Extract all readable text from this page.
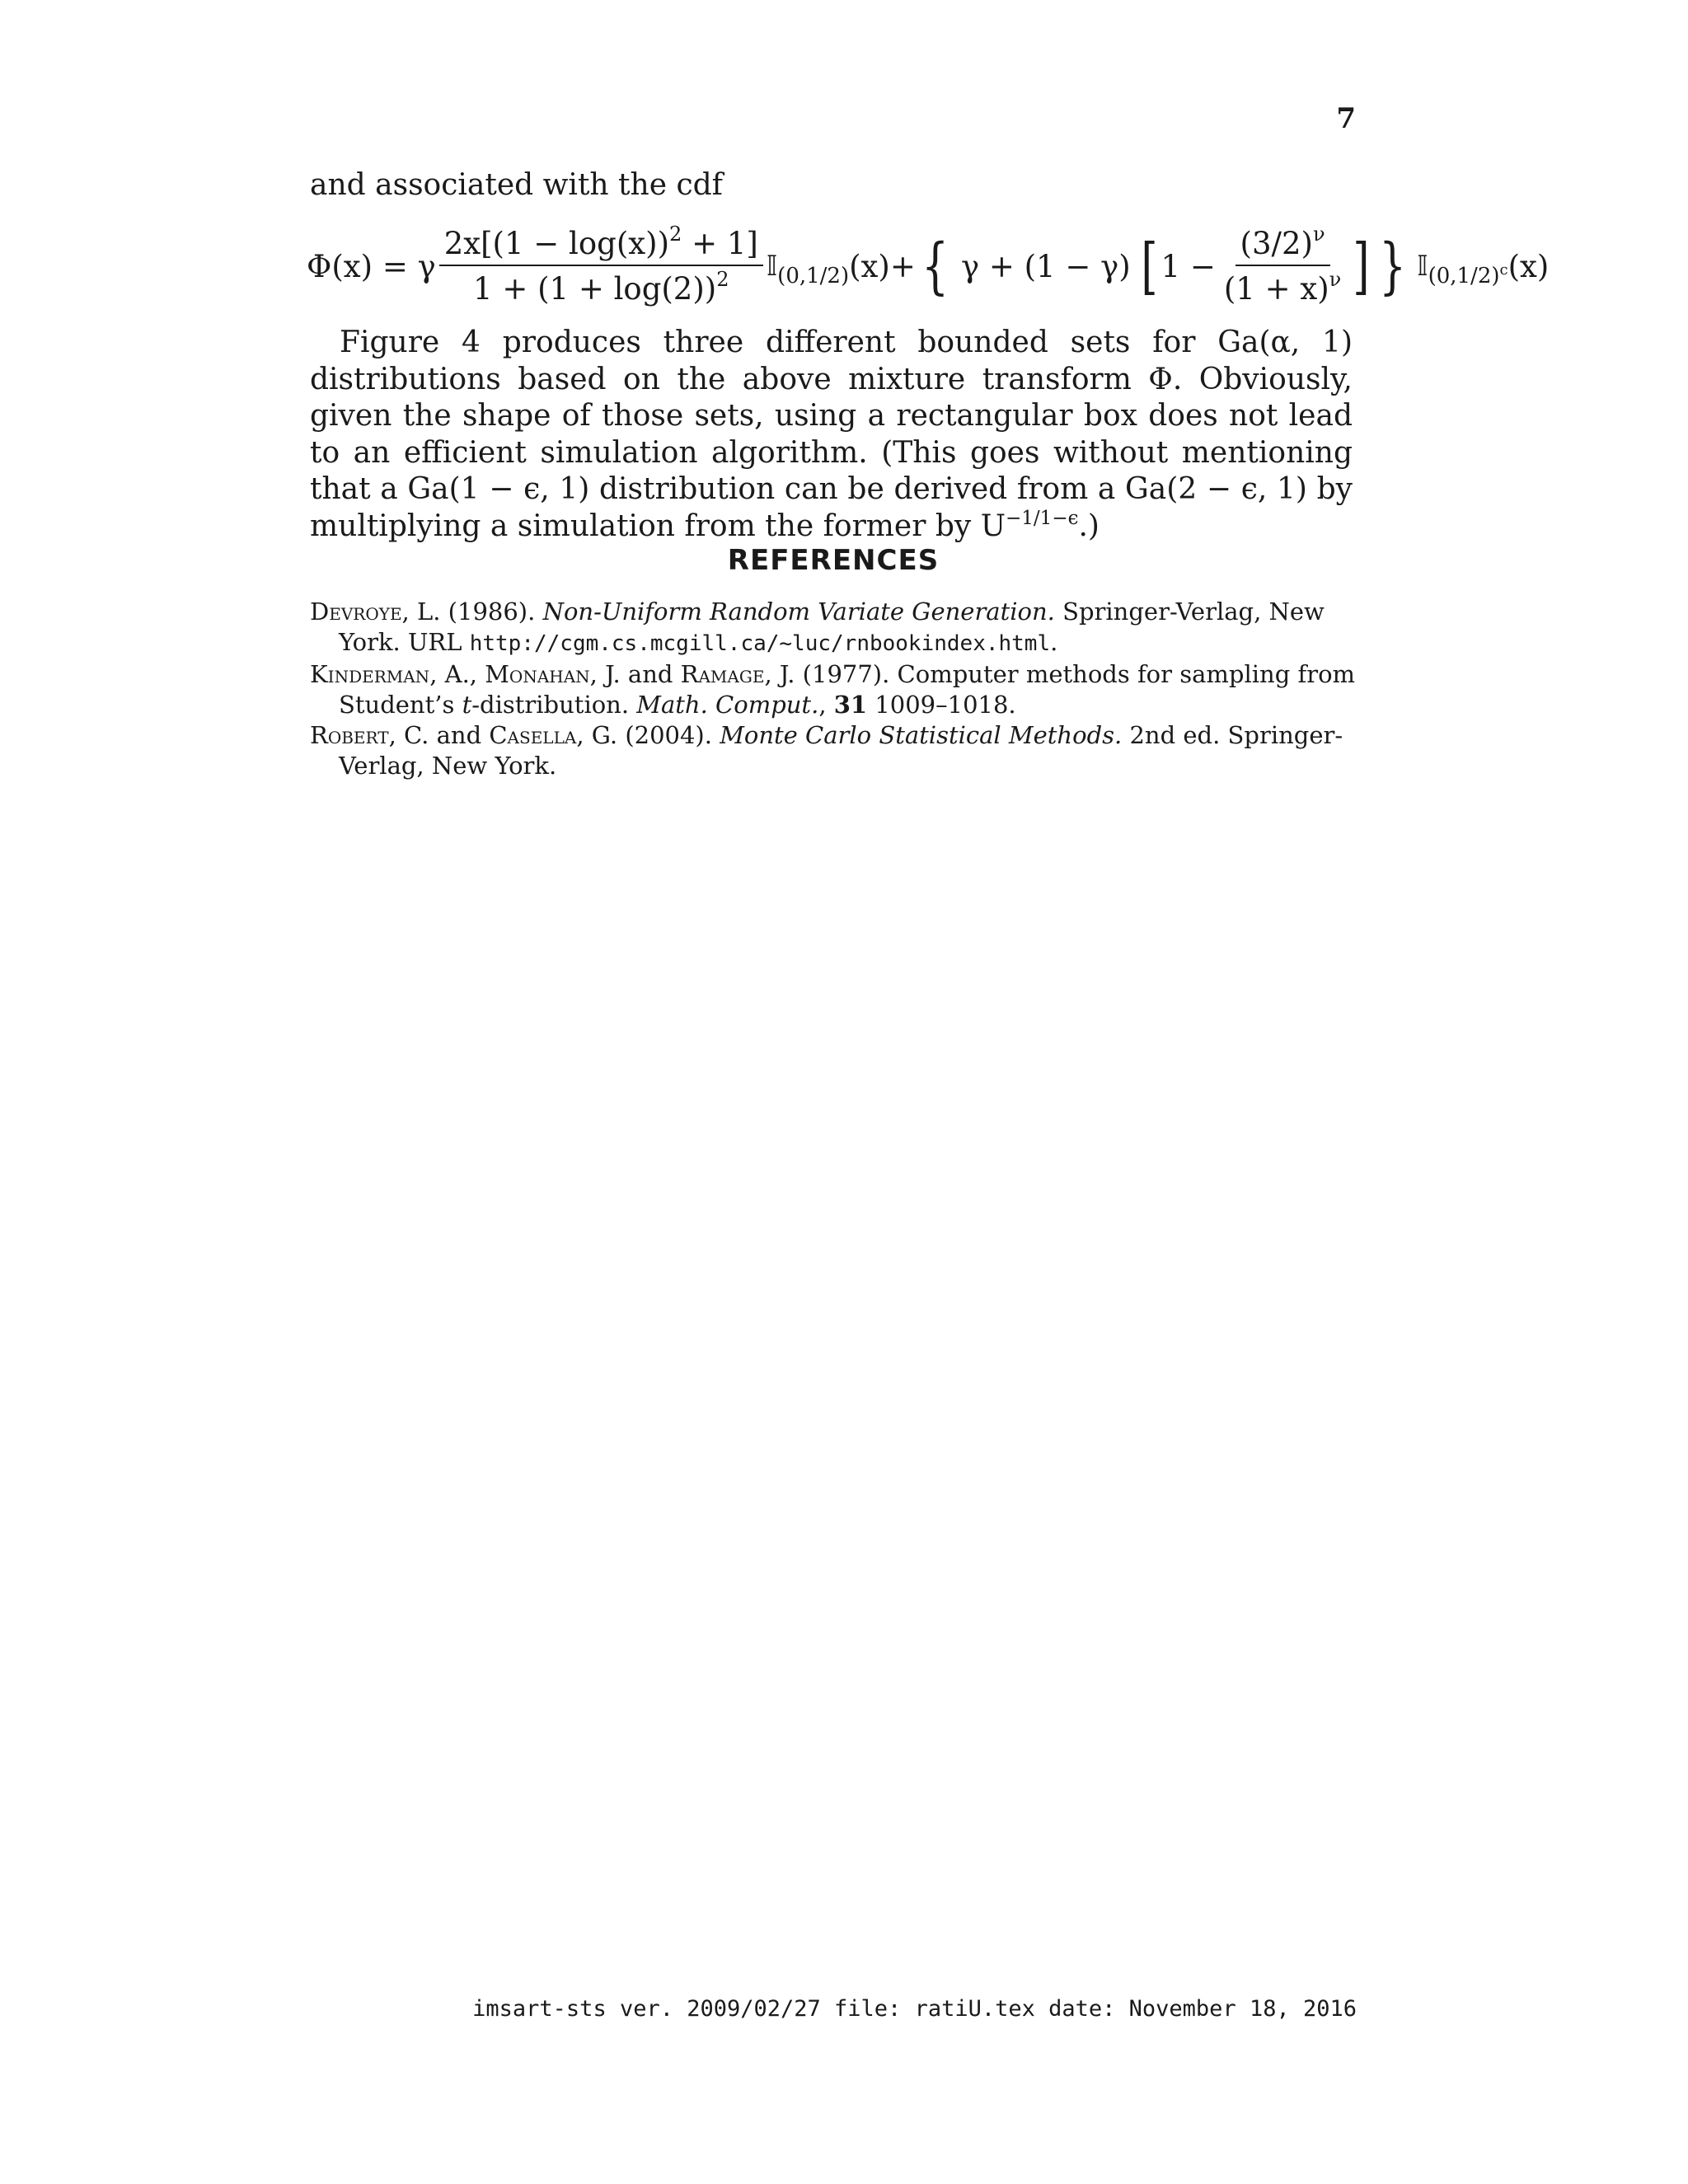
7
and associated with the cdf
Φ(x) = γ $\frac{2x[(1 - \log(x))^2 + 1]}{1 + (1 + \log(2))^2}$ 𝕀 (0,1/2) (x)+ { γ + (1 − γ) [ $1 - \frac{(3/2)^\nu}{(1 + x)^\nu}$ ] } 𝕀 $(0,1/2)^c$ (x)
Figure 4 produces three different bounded sets for Ga(α, 1) distributions based on the above mixture transform Φ. Obviously, given the shape of those sets, using a rectangular box does not lead to an efficient simulation algorithm. (This goes without mentioning that a Ga(1 − ϵ, 1) distribution can be derived from a Ga(2 − ϵ, 1) by multiplying a simulation from the former by $U^{-1/1-\epsilon}$.)
REFERENCES
Devroye, L. (1986). Non-Uniform Random Variate Generation. Springer-Verlag, New York. URL http://cgm.cs.mcgill.ca/~luc/rnbookindex.html.
Kinderman, A., Monahan, J. and Ramage, J. (1977). Computer methods for sampling from Student’s t-distribution. Math. Comput., 31 1009–1018.
Robert, C. and Casella, G. (2004). Monte Carlo Statistical Methods. 2nd ed. Springer-Verlag, New York.
imsart-sts ver. 2009/02/27 file: ratiU.tex date: November 18, 2016
